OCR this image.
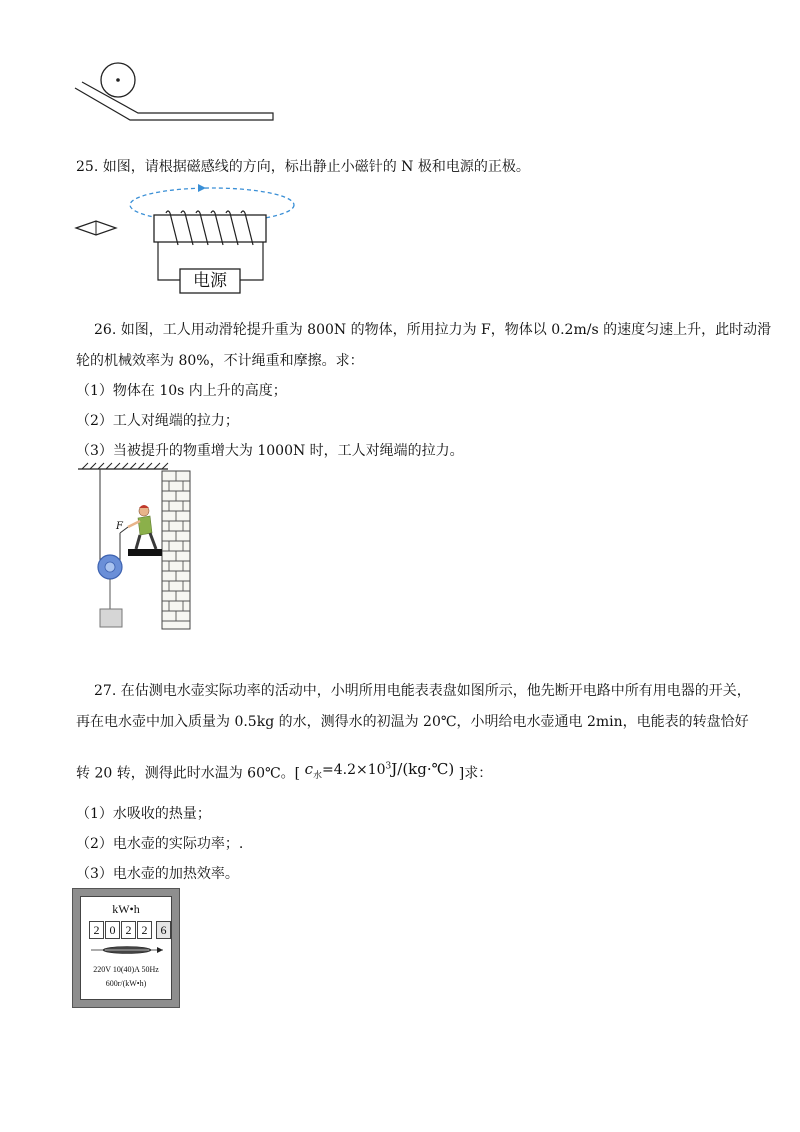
25. 如图，请根据磁感线的方向，标出静止小磁针的 N 极和电源的正极。
电源
26. 如图，工人用动滑轮提升重为 800N 的物体，所用拉力为 F，物体以 0.2m/s 的速度匀速上升，此时动滑
轮的机械效率为 80%，不计绳重和摩擦。求：
（1）物体在 10s 内上升的高度；
（2）工人对绳端的拉力；
（3）当被提升的物重增大为 1000N 时，工人对绳端的拉力。
F
27. 在估测电水壶实际功率的活动中，小明所用电能表表盘如图所示，他先断开电路中所有用电器的开关，
再在电水壶中加入质量为 0.5kg 的水，测得水的初温为 20℃，小明给电水壶通电 2min，电能表的转盘恰好
转 20 转，测得此时水温为 60℃。[ $c_水=4.2\times 10^3J/(kg\cdot℃)$ ]求：
（1）水吸收的热量；
（2）电水壶的实际功率；.
（3）电水壶的加热效率。
kW•h
2 0 2 2	6
220V 10(40)A 50Hz
600r/(kW•h)
